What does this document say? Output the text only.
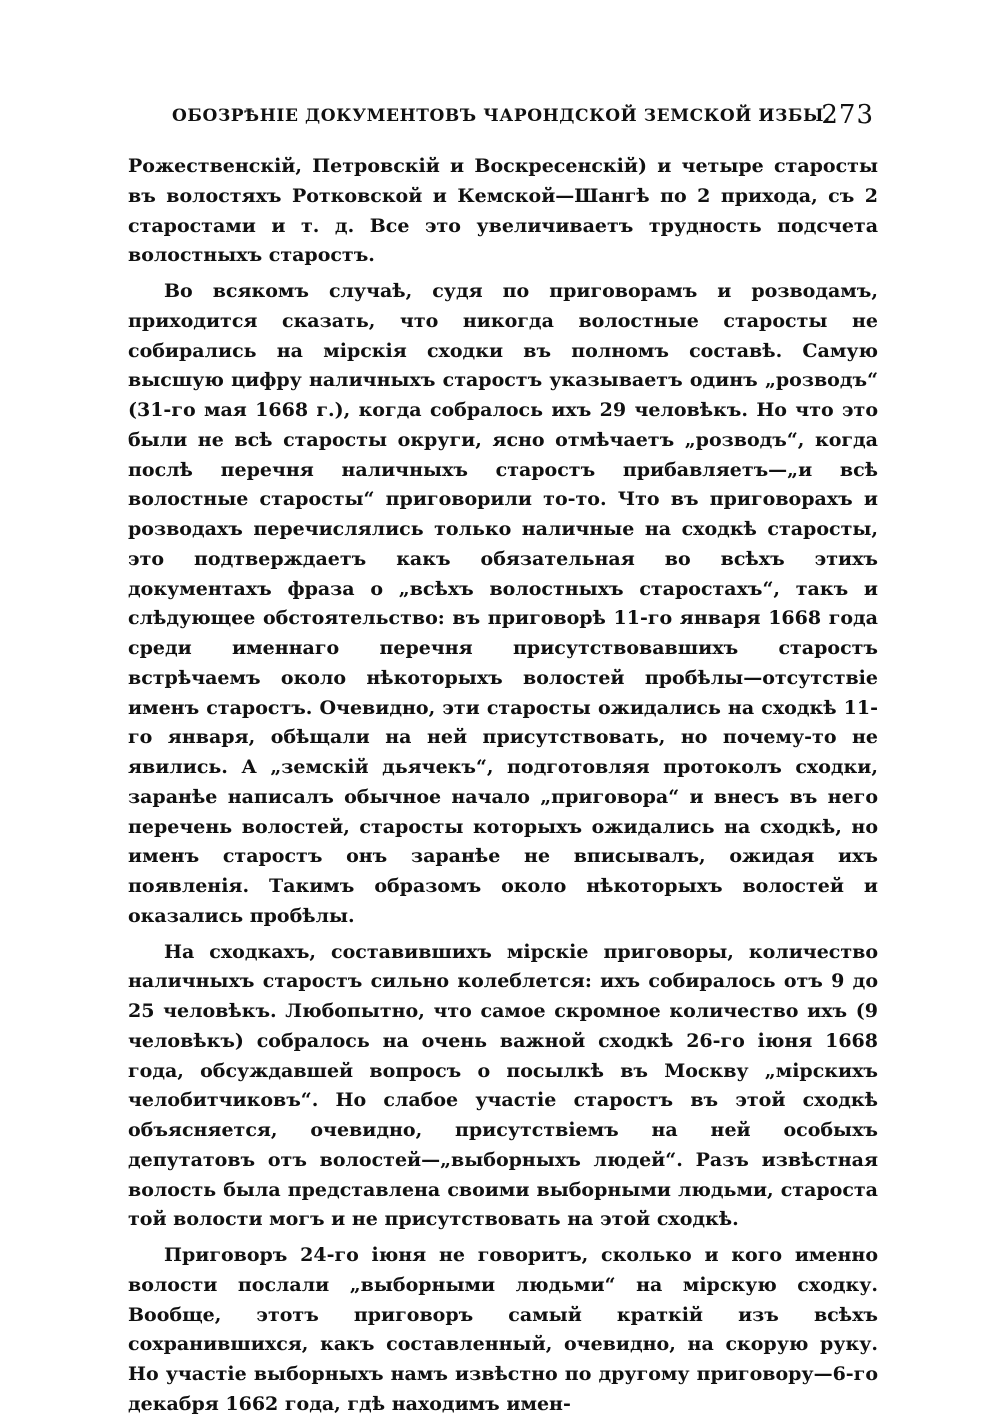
ОБОЗРѢНІЕ ДОКУМЕНТОВЪ ЧАРОНДСКОЙ ЗЕМСКОЙ ИЗБЫ.
273

Рожественскій, Петровскій и Воскресенскій) и четыре старосты въ волостяхъ Ротковской и Кемской—Шангѣ по 2 прихода, съ 2 старостами и т. д. Все это увеличиваетъ трудность подсчета волостныхъ старостъ.

Во всякомъ случаѣ, судя по приговорамъ и розводамъ, приходится сказать, что никогда волостные старосты не собирались на мірскія сходки въ полномъ составѣ. Самую высшую цифру наличныхъ старостъ указываетъ одинъ „розводъ“ (31-го мая 1668 г.), когда собралось ихъ 29 человѣкъ. Но что это были не всѣ старосты округи, ясно отмѣчаетъ „розводъ“, когда послѣ перечня наличныхъ старостъ прибавляетъ—„и всѣ волостные старосты“ приговорили то-то. Что въ приговорахъ и розводахъ перечислялись только наличные на сходкѣ старосты, это подтверждаетъ какъ обязательная во всѣхъ этихъ документахъ фраза о „всѣхъ волостныхъ старостахъ“, такъ и слѣдующее обстоятельство: въ приговорѣ 11-го января 1668 года среди именнаго перечня присутствовавшихъ старостъ встрѣчаемъ около нѣкоторыхъ волостей пробѣлы—отсутствіе именъ старостъ. Очевидно, эти старосты ожидались на сходкѣ 11-го января, обѣщали на ней присутствовать, но почему-то не явились. А „земскій дьячекъ“, подготовляя протоколъ сходки, заранѣе написалъ обычное начало „приговора“ и внесъ въ него перечень волостей, старосты которыхъ ожидались на сходкѣ, но именъ старостъ онъ заранѣе не вписывалъ, ожидая ихъ появленія. Такимъ образомъ около нѣкоторыхъ волостей и оказались пробѣлы.

На сходкахъ, составившихъ мірскіе приговоры, количество наличныхъ старостъ сильно колеблется: ихъ собиралось отъ 9 до 25 человѣкъ. Любопытно, что самое скромное количество ихъ (9 человѣкъ) собралось на очень важной сходкѣ 26-го іюня 1668 года, обсуждавшей вопросъ о посылкѣ въ Москву „мірскихъ челобитчиковъ“. Но слабое участіе старостъ въ этой сходкѣ объясняется, очевидно, присутствіемъ на ней особыхъ депутатовъ отъ волостей—„выборныхъ людей“. Разъ извѣстная волость была представлена своими выборными людьми, староста той волости могъ и не присутствовать на этой сходкѣ.

Приговоръ 24-го іюня не говоритъ, сколько и кого именно волости послали „выборными людьми“ на мірскую сходку. Вообще, этотъ приговоръ самый краткій изъ всѣхъ сохранившихся, какъ составленный, очевидно, на скорую руку. Но участіе выборныхъ намъ извѣстно по другому приговору—6-го декабря 1662 года, гдѣ находимъ имен-
